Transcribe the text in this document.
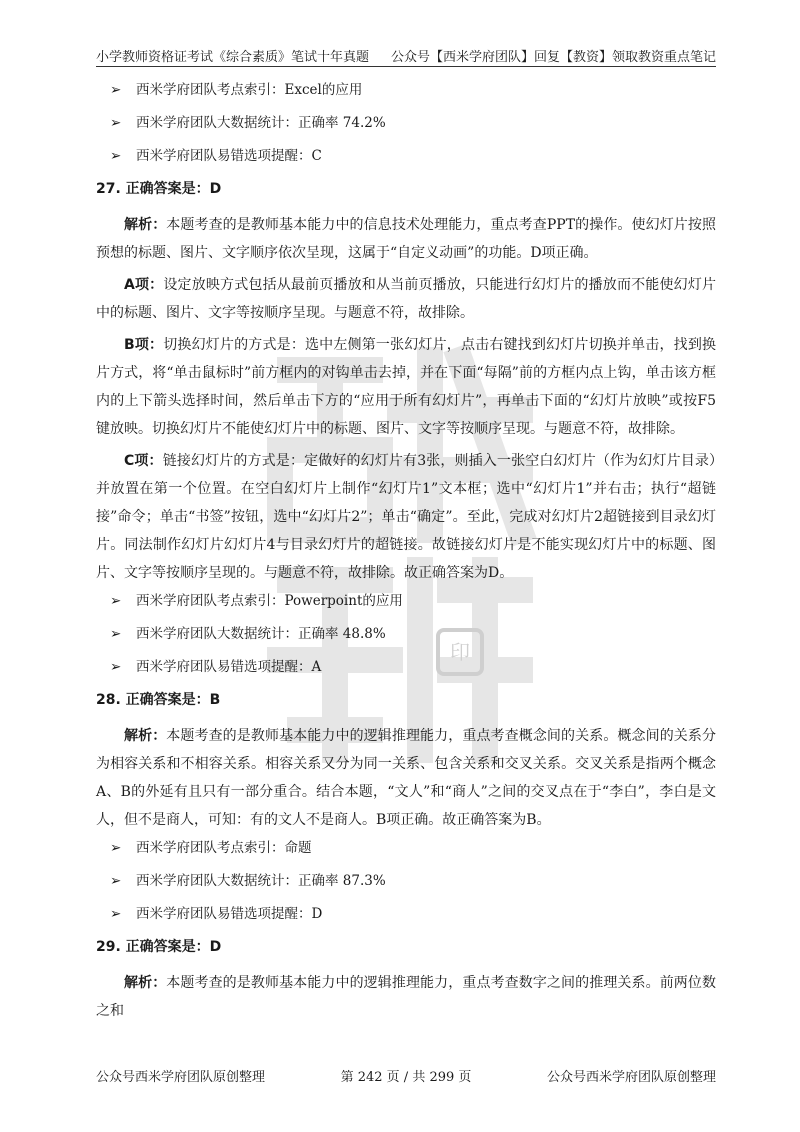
小学教师资格证考试《综合素质》笔试十年真题 公众号【西米学府团队】回复【教资】领取教资重点笔记
印
➢ 西米学府团队考点索引：Excel的应用
➢ 西米学府团队大数据统计：正确率 74.2%
➢ 西米学府团队易错选项提醒：C
27. 正确答案是：D
解析：本题考查的是教师基本能力中的信息技术处理能力，重点考查PPT的操作。使幻灯片按照预想的标题、图片、文字顺序依次呈现，这属于“自定义动画”的功能。D项正确。
A项：设定放映方式包括从最前页播放和从当前页播放，只能进行幻灯片的播放而不能使幻灯片中的标题、图片、文字等按顺序呈现。与题意不符，故排除。
B项：切换幻灯片的方式是：选中左侧第一张幻灯片，点击右键找到幻灯片切换并单击，找到换片方式，将“单击鼠标时”前方框内的对钩单击去掉，并在下面“每隔”前的方框内点上钩，单击该方框内的上下箭头选择时间，然后单击下方的“应用于所有幻灯片”，再单击下面的“幻灯片放映”或按F5键放映。切换幻灯片不能使幻灯片中的标题、图片、文字等按顺序呈现。与题意不符，故排除。
C项：链接幻灯片的方式是：定做好的幻灯片有3张，则插入一张空白幻灯片（作为幻灯片目录）并放置在第一个位置。在空白幻灯片上制作“幻灯片1”文本框；选中“幻灯片1”并右击；执行“超链接”命令；单击“书签”按钮，选中“幻灯片2”；单击“确定”。至此，完成对幻灯片2超链接到目录幻灯片。同法制作幻灯片幻灯片4与目录幻灯片的超链接。故链接幻灯片是不能实现幻灯片中的标题、图片、文字等按顺序呈现的。与题意不符，故排除。故正确答案为D。
➢ 西米学府团队考点索引：Powerpoint的应用
➢ 西米学府团队大数据统计：正确率 48.8%
➢ 西米学府团队易错选项提醒：A
28. 正确答案是：B
解析：本题考查的是教师基本能力中的逻辑推理能力，重点考查概念间的关系。概念间的关系分为相容关系和不相容关系。相容关系又分为同一关系、包含关系和交叉关系。交叉关系是指两个概念A、B的外延有且只有一部分重合。结合本题，“文人”和“商人”之间的交叉点在于“李白”，李白是文人，但不是商人，可知：有的文人不是商人。B项正确。故正确答案为B。
➢ 西米学府团队考点索引：命题
➢ 西米学府团队大数据统计：正确率 87.3%
➢ 西米学府团队易错选项提醒：D
29. 正确答案是：D
解析：本题考查的是教师基本能力中的逻辑推理能力，重点考查数字之间的推理关系。前两位数之和
公众号西米学府团队原创整理	第 242 页 / 共 299 页	公众号西米学府团队原创整理
